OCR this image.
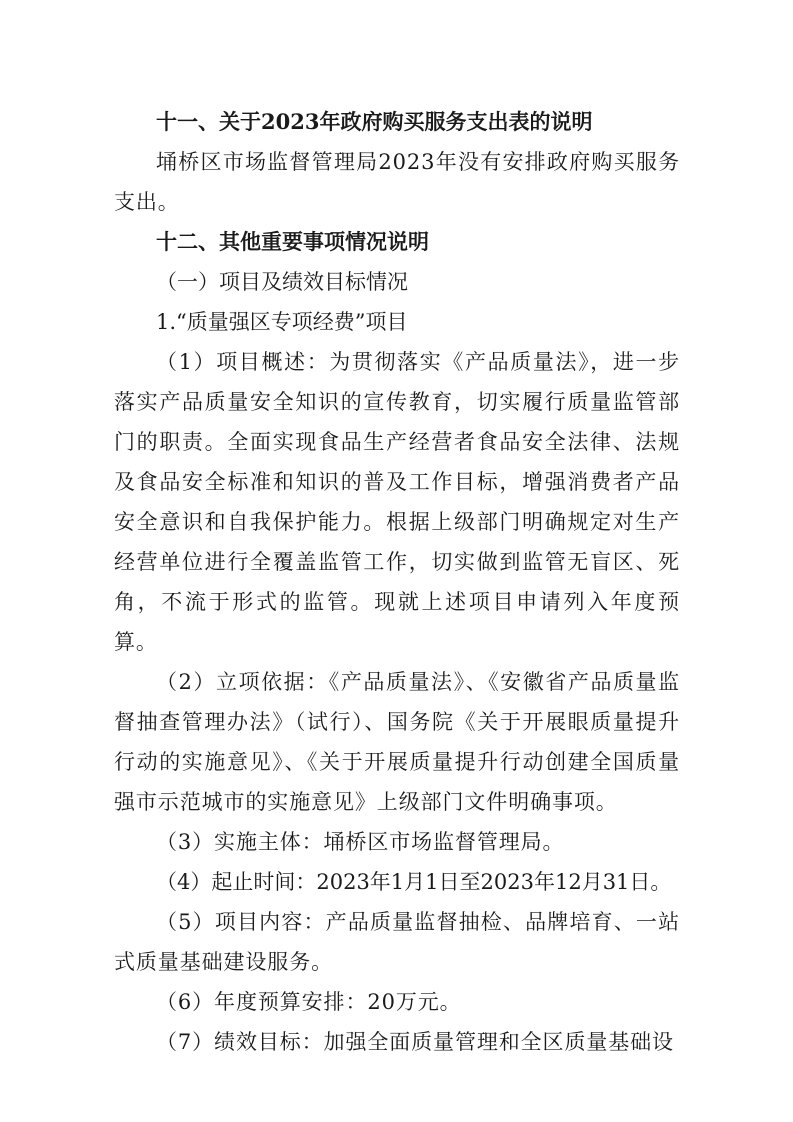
十一、关于2023年政府购买服务支出表的说明

埇桥区市场监督管理局2023年没有安排政府购买服务支出。

十二、其他重要事项情况说明

（一）项目及绩效目标情况

1.“质量强区专项经费”项目

（1）项目概述：为贯彻落实《产品质量法》，进一步落实产品质量安全知识的宣传教育，切实履行质量监管部门的职责。全面实现食品生产经营者食品安全法律、法规及食品安全标准和知识的普及工作目标，增强消费者产品安全意识和自我保护能力。根据上级部门明确规定对生产经营单位进行全覆盖监管工作，切实做到监管无盲区、死角，不流于形式的监管。现就上述项目申请列入年度预算。

（2）立项依据：《产品质量法》、《安徽省产品质量监督抽查管理办法》（试行）、国务院《关于开展眼质量提升行动的实施意见》、《关于开展质量提升行动创建全国质量强市示范城市的实施意见》上级部门文件明确事项。

（3）实施主体：埇桥区市场监督管理局。

（4）起止时间：2023年1月1日至2023年12月31日。

（5）项目内容：产品质量监督抽检、品牌培育、一站式质量基础建设服务。

（6）年度预算安排：20万元。

（7）绩效目标：加强全面质量管理和全区质量基础设
